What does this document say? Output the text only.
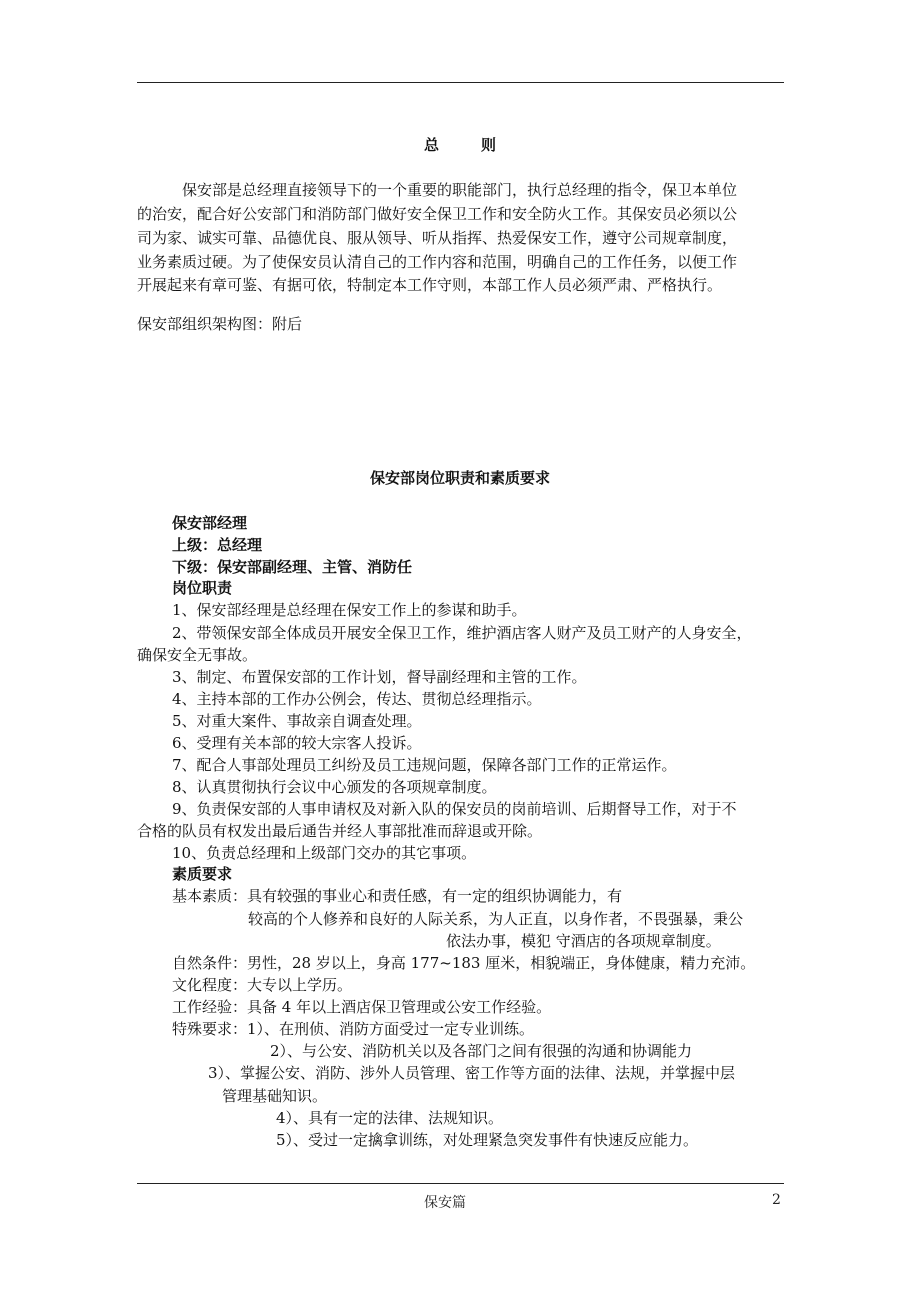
总	则
保安部是总经理直接领导下的一个重要的职能部门，执行总经理的指令，保卫本单位
的治安，配合好公安部门和消防部门做好安全保卫工作和安全防火工作。其保安员必须以公
司为家、诚实可靠、品德优良、服从领导、听从指挥、热爱保安工作，遵守公司规章制度，
业务素质过硬。为了使保安员认清自己的工作内容和范围，明确自己的工作任务，以便工作
开展起来有章可鉴、有据可依，特制定本工作守则，本部工作人员必须严肃、严格执行。
保安部组织架构图：附后
保安部岗位职责和素质要求
保安部经理
上级：总经理
下级：保安部副经理、主管、消防任
岗位职责
1、保安部经理是总经理在保安工作上的参谋和助手。
2、带领保安部全体成员开展安全保卫工作，维护酒店客人财产及员工财产的人身安全，
确保安全无事故。
3、制定、布置保安部的工作计划，督导副经理和主管的工作。
4、主持本部的工作办公例会，传达、贯彻总经理指示。
5、对重大案件、事故亲自调查处理。
6、受理有关本部的较大宗客人投诉。
7、配合人事部处理员工纠纷及员工违规问题，保障各部门工作的正常运作。
8、认真贯彻执行会议中心颁发的各项规章制度。
9、负责保安部的人事申请权及对新入队的保安员的岗前培训、后期督导工作，对于不
合格的队员有权发出最后通告并经人事部批准而辞退或开除。
10、负责总经理和上级部门交办的其它事项。
素质要求
基本素质：具有较强的事业心和责任感，有一定的组织协调能力，有
较高的个人修养和良好的人际关系，为人正直，以身作者，不畏强暴，秉公
依法办事，模犯 守酒店的各项规章制度。
自然条件：男性，28 岁以上，身高 177~183 厘米，相貌端正，身体健康，精力充沛。
文化程度：大专以上学历。
工作经验：具备 4 年以上酒店保卫管理或公安工作经验。
特殊要求：1）、在刑侦、消防方面受过一定专业训练。
2）、与公安、消防机关以及各部门之间有很强的沟通和协调能力
3）、掌握公安、消防、涉外人员管理、密工作等方面的法律、法规，并掌握中层
管理基础知识。
4）、具有一定的法律、法规知识。
5）、受过一定擒拿训练，对处理紧急突发事件有快速反应能力。
保安篇	2
